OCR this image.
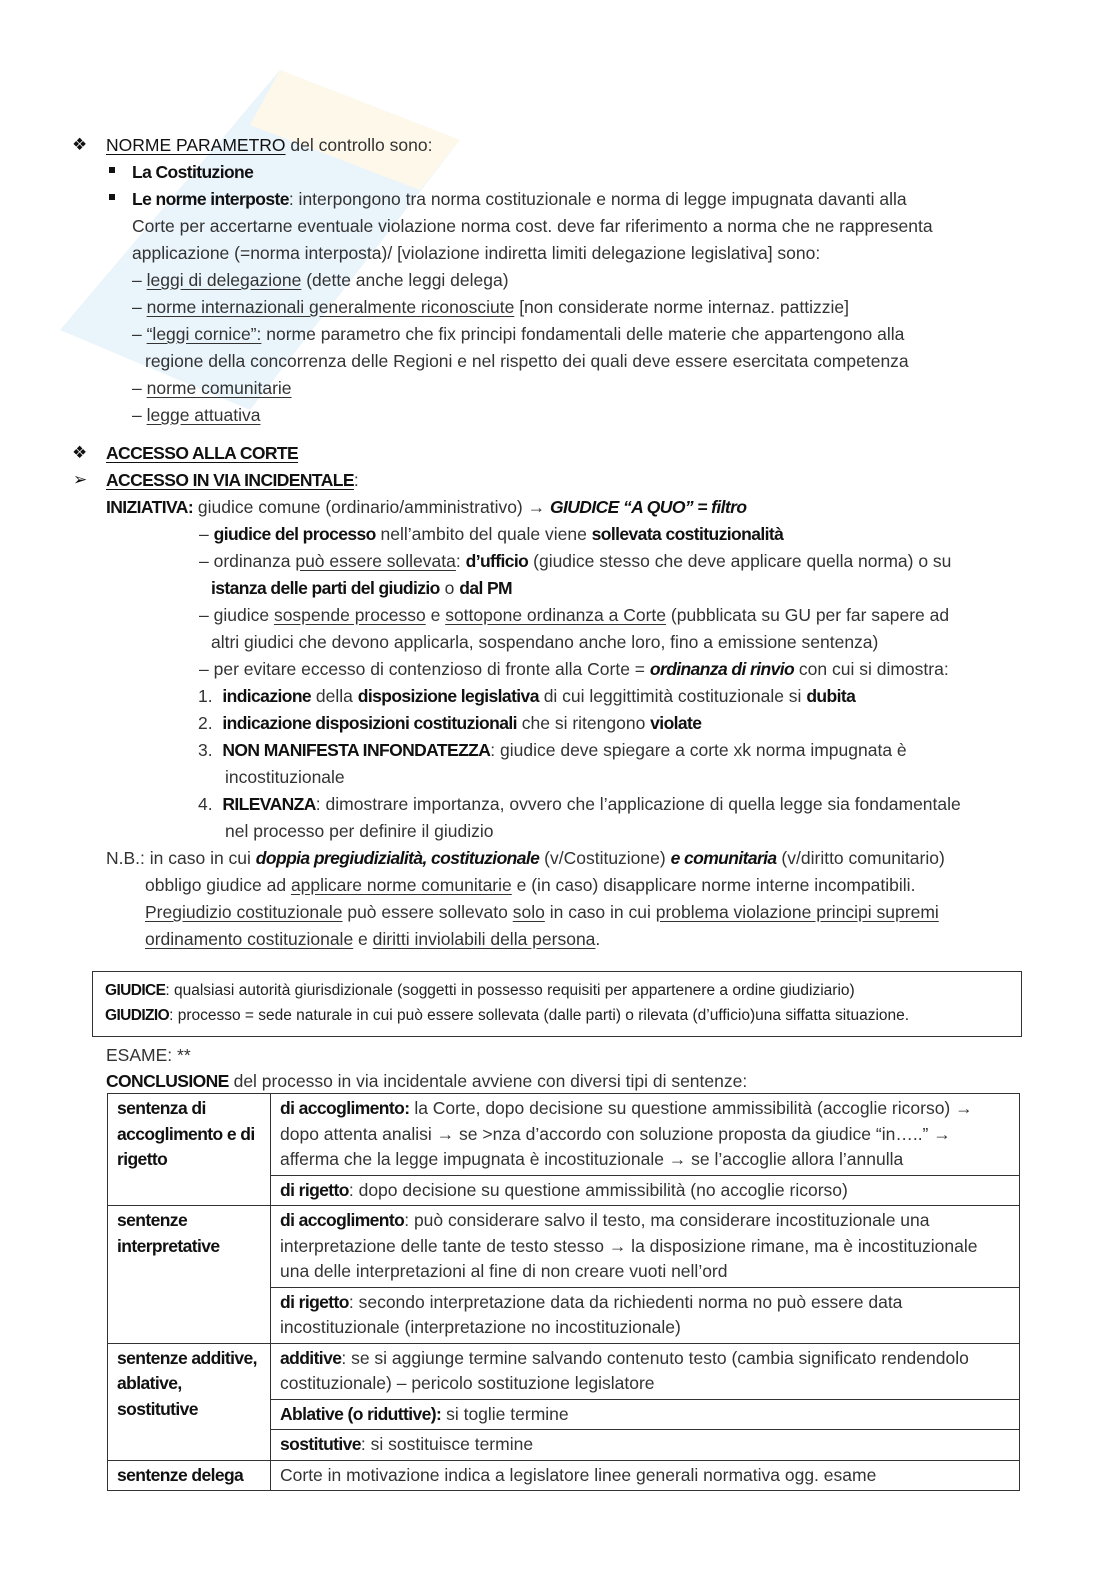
❖ NORME PARAMETRO del controllo sono:
La Costituzione
Le norme interposte: interpongono tra norma costituzionale e norma di legge impugnata davanti alla
Corte per accertarne eventuale violazione norma cost. deve far riferimento a norma che ne rappresenta
applicazione (=norma interposta)/ [violazione indiretta limiti delegazione legislativa] sono:
– leggi di delegazione (dette anche leggi delega)
– norme internazionali generalmente riconosciute [non considerate norme internaz. pattizzie]
– “leggi cornice”: norme parametro che fix principi fondamentali delle materie che appartengono alla
regione della concorrenza delle Regioni e nel rispetto dei quali deve essere esercitata competenza
– norme comunitarie
– legge attuativa
❖ ACCESSO ALLA CORTE
➢ ACCESSO IN VIA INCIDENTALE:
INIZIATIVA: giudice comune (ordinario/amministrativo) → GIUDICE “A QUO” = filtro
– giudice del processo nell’ambito del quale viene sollevata costituzionalità
– ordinanza può essere sollevata: d’ufficio (giudice stesso che deve applicare quella norma) o su
istanza delle parti del giudizio o dal PM
– giudice sospende processo e sottopone ordinanza a Corte (pubblicata su GU per far sapere ad
altri giudici che devono applicarla, sospendano anche loro, fino a emissione sentenza)
– per evitare eccesso di contenzioso di fronte alla Corte = ordinanza di rinvio con cui si dimostra:
1. indicazione della disposizione legislativa di cui leggittimità costituzionale si dubita
2. indicazione disposizioni costituzionali che si ritengono violate
3. NON MANIFESTA INFONDATEZZA: giudice deve spiegare a corte xk norma impugnata è
incostituzionale
4. RILEVANZA: dimostrare importanza, ovvero che l’applicazione di quella legge sia fondamentale
nel processo per definire il giudizio
N.B.: in caso in cui doppia pregiudizialità, costituzionale (v/Costituzione) e comunitaria (v/diritto comunitario)
obbligo giudice ad applicare norme comunitarie e (in caso) disapplicare norme interne incompatibili.
Pregiudizio costituzionale può essere sollevato solo in caso in cui problema violazione principi supremi
ordinamento costituzionale e diritti inviolabili della persona.
GIUDICE: qualsiasi autorità giurisdizionale (soggetti in possesso requisiti per appartenere a ordine giudiziario)
GIUDIZIO: processo = sede naturale in cui può essere sollevata (dalle parti) o rilevata (d’ufficio)una siffatta situazione.
ESAME: **
CONCLUSIONE del processo in via incidentale avviene con diversi tipi di sentenze:
sentenza di accoglimento e di rigetto	di accoglimento: la Corte, dopo decisione su questione ammissibilità (accoglie ricorso) → dopo attenta analisi → se >nza d’accordo con soluzione proposta da giudice “in…..” → afferma che la legge impugnata è incostituzionale → se l’accoglie allora l’annulla
	di rigetto: dopo decisione su questione ammissibilità (no accoglie ricorso)
sentenze interpretative	di accoglimento: può considerare salvo il testo, ma considerare incostituzionale una interpretazione delle tante de testo stesso → la disposizione rimane, ma è incostituzionale una delle interpretazioni al fine di non creare vuoti nell’ord
	di rigetto: secondo interpretazione data da richiedenti norma no può essere data incostituzionale (interpretazione no incostituzionale)
sentenze additive, ablative, sostitutive	additive: se si aggiunge termine salvando contenuto testo (cambia significato rendendolo costituzionale) – pericolo sostituzione legislatore
	Ablative (o riduttive): si toglie termine
	sostitutive: si sostituisce termine
sentenze delega	Corte in motivazione indica a legislatore linee generali normativa ogg. esame
